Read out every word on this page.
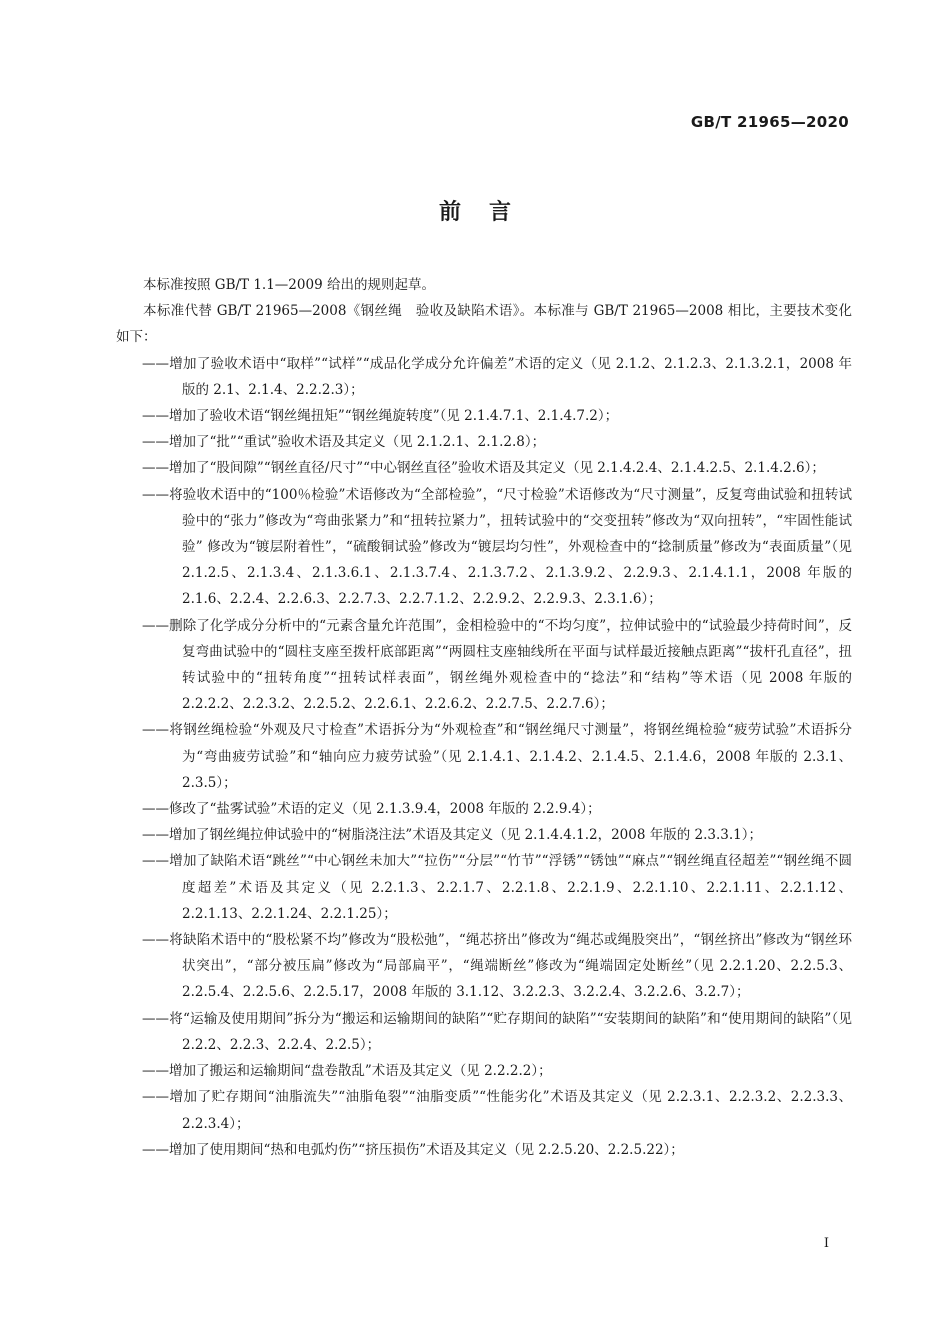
GB/T 21965—2020
前言

本标准按照 GB/T 1.1—2009 给出的规则起草。

本标准代替 GB/T 21965—2008《钢丝绳　验收及缺陷术语》。本标准与 GB/T 21965—2008 相比，主要技术变化如下：

——增加了验收术语中“取样”“试样”“成品化学成分允许偏差”术语的定义（见 2.1.2、2.1.2.3、2.1.3.2.1，2008 年版的 2.1、2.1.4、2.2.2.3）；

——增加了验收术语“钢丝绳扭矩”“钢丝绳旋转度”（见 2.1.4.7.1、2.1.4.7.2）；

——增加了“批”“重试”验收术语及其定义（见 2.1.2.1、2.1.2.8）；

——增加了“股间隙”“钢丝直径/尺寸”“中心钢丝直径”验收术语及其定义（见 2.1.4.2.4、2.1.4.2.5、2.1.4.2.6）；

——将验收术语中的“100％检验”术语修改为“全部检验”，“尺寸检验”术语修改为“尺寸测量”，反复弯曲试验和扭转试验中的“张力”修改为“弯曲张紧力”和“扭转拉紧力”，扭转试验中的“交变扭转”修改为“双向扭转”，“牢固性能试验” 修改为“镀层附着性”，“硫酸铜试验”修改为“镀层均匀性”，外观检查中的“捻制质量”修改为“表面质量”（见 2.1.2.5、2.1.3.4、2.1.3.6.1、2.1.3.7.4、2.1.3.7.2、2.1.3.9.2、2.2.9.3、2.1.4.1.1，2008 年版的 2.1.6、2.2.4、2.2.6.3、2.2.7.3、2.2.7.1.2、2.2.9.2、2.2.9.3、2.3.1.6）；

——删除了化学成分分析中的“元素含量允许范围”，金相检验中的“不均匀度”，拉伸试验中的“试验最少持荷时间”，反复弯曲试验中的“圆柱支座至拨杆底部距离”“两圆柱支座轴线所在平面与试样最近接触点距离”“拔杆孔直径”，扭转试验中的“扭转角度”“扭转试样表面”，钢丝绳外观检查中的“捻法”和“结构”等术语（见 2008 年版的 2.2.2.2、2.2.3.2、2.2.5.2、2.2.6.1、2.2.6.2、2.2.7.5、2.2.7.6）；

——将钢丝绳检验“外观及尺寸检查”术语拆分为“外观检查”和“钢丝绳尺寸测量”，将钢丝绳检验“疲劳试验”术语拆分为“弯曲疲劳试验”和“轴向应力疲劳试验”（见 2.1.4.1、2.1.4.2、2.1.4.5、2.1.4.6，2008 年版的 2.3.1、2.3.5）；

——修改了“盐雾试验”术语的定义（见 2.1.3.9.4，2008 年版的 2.2.9.4）；

——增加了钢丝绳拉伸试验中的“树脂浇注法”术语及其定义（见 2.1.4.4.1.2，2008 年版的 2.3.3.1）；

——增加了缺陷术语“跳丝”“中心钢丝未加大”“拉伤”“分层”“竹节”“浮锈”“锈蚀”“麻点”“钢丝绳直径超差”“钢丝绳不圆度超差”术语及其定义（见 2.2.1.3、2.2.1.7、2.2.1.8、2.2.1.9、2.2.1.10、2.2.1.11、2.2.1.12、2.2.1.13、2.2.1.24、2.2.1.25）；

——将缺陷术语中的“股松紧不均”修改为“股松弛”，“绳芯挤出”修改为“绳芯或绳股突出”，“钢丝挤出”修改为“钢丝环状突出”，“部分被压扁”修改为“局部扁平”，“绳端断丝”修改为“绳端固定处断丝”（见 2.2.1.20、2.2.5.3、2.2.5.4、2.2.5.6、2.2.5.17，2008 年版的 3.1.12、3.2.2.3、3.2.2.4、3.2.2.6、3.2.7）；

——将“运输及使用期间”拆分为“搬运和运输期间的缺陷”“贮存期间的缺陷”“安装期间的缺陷”和“使用期间的缺陷”（见 2.2.2、2.2.3、2.2.4、2.2.5）；

——增加了搬运和运输期间“盘卷散乱”术语及其定义（见 2.2.2.2）；

——增加了贮存期间“油脂流失”“油脂龟裂”“油脂变质”“性能劣化”术语及其定义（见 2.2.3.1、2.2.3.2、2.2.3.3、2.2.3.4）；

——增加了使用期间“热和电弧灼伤”“挤压损伤”术语及其定义（见 2.2.5.20、2.2.5.22）；

I
